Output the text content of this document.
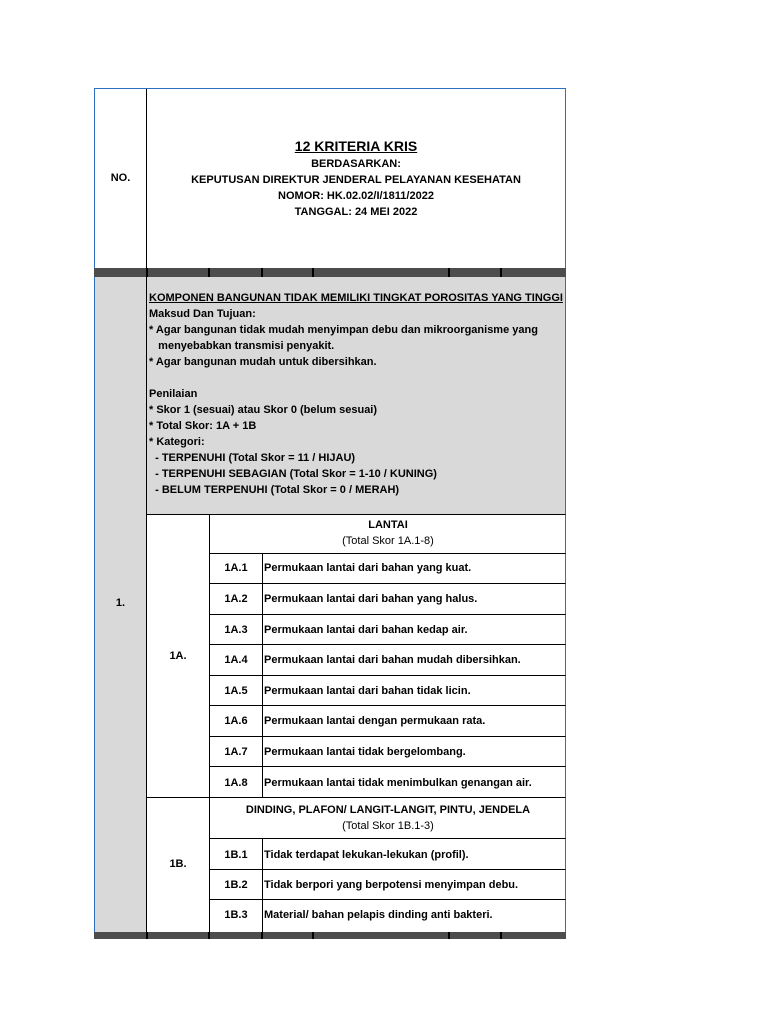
NO.
12 KRITERIA KRIS
BERDASARKAN:
KEPUTUSAN DIREKTUR JENDERAL PELAYANAN KESEHATAN
NOMOR: HK.02.02/I/1811/2022
TANGGAL: 24 MEI 2022
1.
KOMPONEN BANGUNAN TIDAK MEMILIKI TINGKAT POROSITAS YANG TINGGI
Maksud Dan Tujuan:
* Agar bangunan tidak mudah menyimpan debu dan mikroorganisme yang
menyebabkan transmisi penyakit.
* Agar bangunan mudah untuk dibersihkan.
Penilaian
* Skor 1 (sesuai) atau Skor 0 (belum sesuai)
* Total Skor: 1A + 1B
* Kategori:
- TERPENUHI (Total Skor = 11 / HIJAU)
- TERPENUHI SEBAGIAN (Total Skor = 1-10 / KUNING)
- BELUM TERPENUHI (Total Skor = 0 / MERAH)
1A.
LANTAI
(Total Skor 1A.1-8)
1A.1	Permukaan lantai dari bahan yang kuat.
1A.2	Permukaan lantai dari bahan yang halus.
1A.3	Permukaan lantai dari bahan kedap air.
1A.4	Permukaan lantai dari bahan mudah dibersihkan.
1A.5	Permukaan lantai dari bahan tidak licin.
1A.6	Permukaan lantai dengan permukaan rata.
1A.7	Permukaan lantai tidak bergelombang.
1A.8	Permukaan lantai tidak menimbulkan genangan air.
1B.
DINDING, PLAFON/ LANGIT-LANGIT, PINTU, JENDELA
(Total Skor 1B.1-3)
1B.1	Tidak terdapat lekukan-lekukan (profil).
1B.2	Tidak berpori yang berpotensi menyimpan debu.
1B.3	Material/ bahan pelapis dinding anti bakteri.
